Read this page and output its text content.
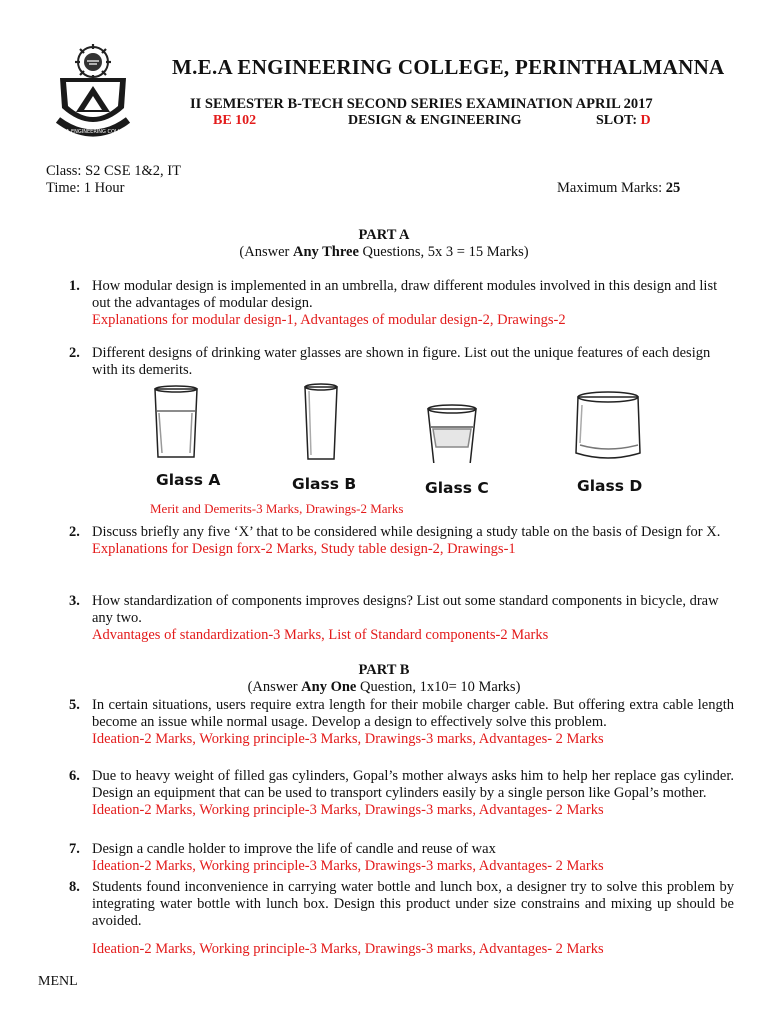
M E A ENGINEERING COLLEGE
M.E.A ENGINEERING COLLEGE, PERINTHALMANNA
II SEMESTER B-TECH SECOND SERIES EXAMINATION APRIL 2017
BE 102	DESIGN & ENGINEERING	SLOT: D
Class: S2 CSE 1&2, IT
Time: 1 Hour	Maximum Marks: 25
PART A
(Answer Any Three Questions, 5x 3 = 15 Marks)
1. How modular design is implemented in an umbrella, draw different modules involved in this design and list out the advantages of modular design.
Explanations for modular design-1, Advantages of modular design-2, Drawings-2
2. Different designs of drinking water glasses are shown in figure. List out the unique features of each design with its demerits.
Glass A	Glass B	Glass C	Glass D
Merit and Demerits-3 Marks, Drawings-2 Marks
2. Discuss briefly any five ‘X’ that to be considered while designing a study table on the basis of Design for X.
Explanations for Design forx-2 Marks, Study table design-2, Drawings-1
3. How standardization of components improves designs? List out some standard components in bicycle, draw any two.
Advantages of standardization-3 Marks, List of Standard components-2 Marks
PART B
(Answer Any One Question, 1x10= 10 Marks)
5. In certain situations, users require extra length for their mobile charger cable. But offering extra cable length become an issue while normal usage. Develop a design to effectively solve this problem.
Ideation-2 Marks, Working principle-3 Marks, Drawings-3 marks, Advantages- 2 Marks
6. Due to heavy weight of filled gas cylinders, Gopal’s mother always asks him to help her replace gas cylinder. Design an equipment that can be used to transport cylinders easily by a single person like Gopal’s mother.
Ideation-2 Marks, Working principle-3 Marks, Drawings-3 marks, Advantages- 2 Marks
7. Design a candle holder to improve the life of candle and reuse of wax
Ideation-2 Marks, Working principle-3 Marks, Drawings-3 marks, Advantages- 2 Marks
8. Students found inconvenience in carrying water bottle and lunch box, a designer try to solve this problem by integrating water bottle with lunch box. Design this product under size constrains and mixing up should be avoided.
Ideation-2 Marks, Working principle-3 Marks, Drawings-3 marks, Advantages- 2 Marks
MENL
